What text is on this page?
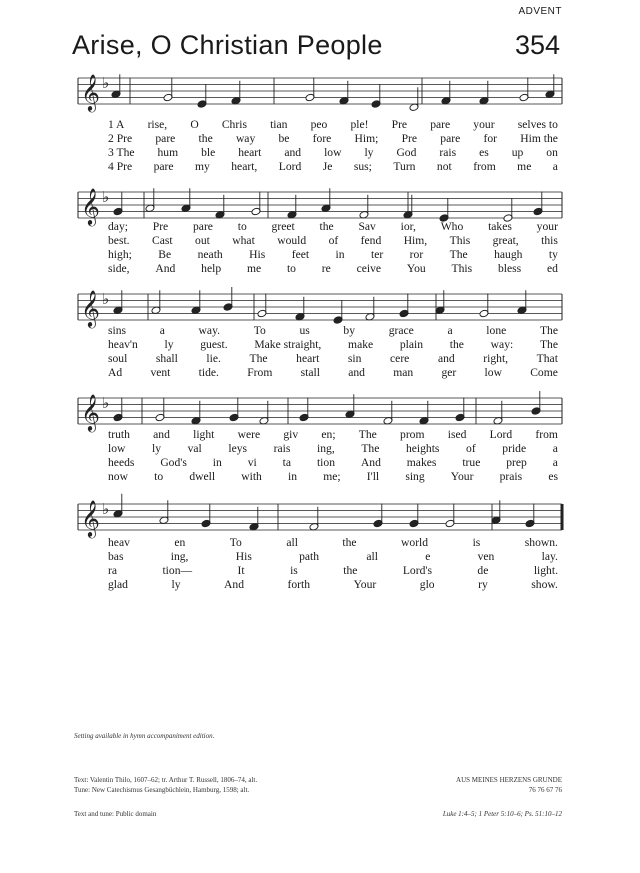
ADVENT
Arise, O Christian People	354
𝄞 ♭
1 A rise, O Chris tian peo ple! Pre pare your selves to
2 Pre pare the way be fore Him; Pre pare for Him the
3 The hum ble heart and low ly God rais es up on
4 Pre pare my heart, Lord Je sus; Turn not from me a
𝄞 ♭
day; Pre pare to greet the Sav ior, Who takes your
best. Cast out what would of fend Him, This great, this
high; Be neath His feet in ter ror The haugh ty
side, And help me to re ceive You This bless ed
𝄞 ♭
sins	a	way.	To	us	by	grace	a	lone	The
heav'n ly guest. Make straight, make plain the way: The
soul shall lie. The heart sin cere and right, That
Ad vent tide. From stall and man ger low Come
𝄞 ♭
truth and light were giv en; The prom ised Lord from
low ly val leys rais ing, The heights of pride a
heeds God's in vi ta tion And makes true prep a
now to dwell with in me; I'll sing Your prais es
𝄞 ♭
heav	en	To	all	the	world	is	shown.
bas	ing,	His	path	all	e	ven	lay.
ra	tion—	It	is	the	Lord's	de	light.
glad	ly	And	forth	Your	glo	ry	show.
Setting available in hymn accompaniment edition.
Text: Valentin Thilo, 1607–62; tr. Arthur T. Russell, 1806–74, alt.
Tune: New Catechismus Gesangbüchlein, Hamburg, 1598; alt.
Text and tune: Public domain
AUS MEINES HERZENS GRUNDE
76 76 67 76
Luke 1:4–5; 1 Peter 5:10–6; Ps. 51:10–12
